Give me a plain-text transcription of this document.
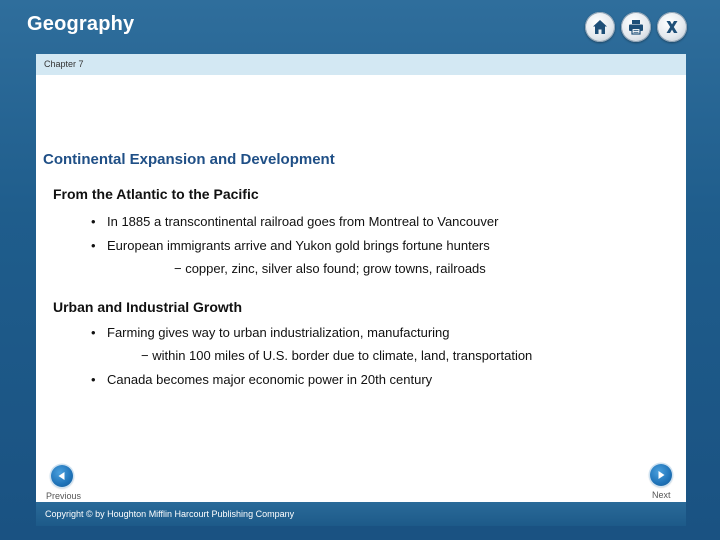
Geography
Chapter 7
Continental Expansion and Development
From the Atlantic to the Pacific
• In 1885 a transcontinental railroad goes from Montreal to Vancouver
• European immigrants arrive and Yukon gold brings fortune hunters
− copper, zinc, silver also found; grow towns, railroads
Urban and Industrial Growth
• Farming gives way to urban industrialization, manufacturing
− within 100 miles of U.S. border due to climate, land, transportation
• Canada becomes major economic power in 20th century
Previous	Next
Copyright © by Houghton Mifflin Harcourt Publishing Company
